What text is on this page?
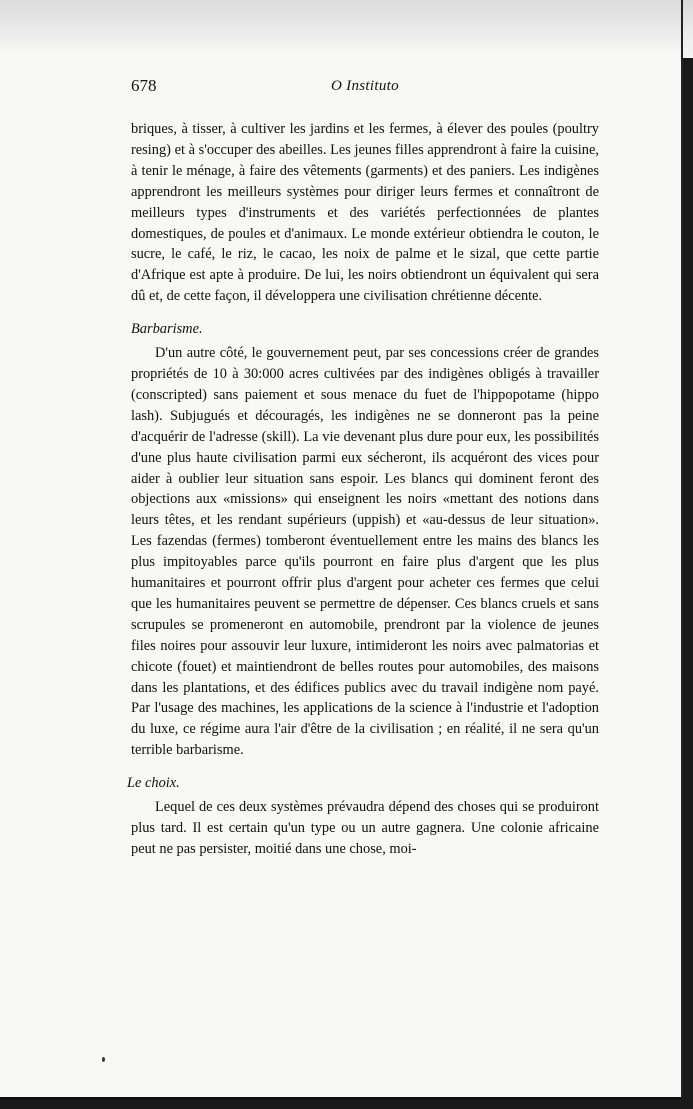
678	O Instituto

briques, à tisser, à cultiver les jardins et les fermes, à élever des poules (poultry resing) et à s'occuper des abeilles. Les jeunes filles apprendront à faire la cuisine, à tenir le ménage, à faire des vêtements (garments) et des paniers. Les indigènes apprendront les meilleurs systèmes pour diriger leurs fermes et connaîtront de meilleurs types d'instruments et des variétés perfectionnées de plantes domestiques, de poules et d'animaux. Le monde extérieur obtiendra le couton, le sucre, le café, le riz, le cacao, les noix de palme et le sizal, que cette partie d'Afrique est apte à produire. De lui, les noirs obtiendront un équivalent qui sera dû et, de cette façon, il développera une civilisation chrétienne décente.

Barbarisme.

D'un autre côté, le gouvernement peut, par ses concessions créer de grandes propriétés de 10 à 30:000 acres cultivées par des indigènes obligés à travailler (conscripted) sans paiement et sous menace du fuet de l'hippopotame (hippo lash). Subjugués et découragés, les indigènes ne se donneront pas la peine d'acquérir de l'adresse (skill). La vie devenant plus dure pour eux, les possibilités d'une plus haute civilisation parmi eux sécheront, ils acquéront des vices pour aider à oublier leur situation sans espoir. Les blancs qui dominent feront des objections aux «missions» qui enseignent les noirs «mettant des notions dans leurs têtes, et les rendant supérieurs (uppish) et «au-dessus de leur situation». Les fazendas (fermes) tomberont éventuellement entre les mains des blancs les plus impitoyables parce qu'ils pourront en faire plus d'argent que les plus humanitaires et pourront offrir plus d'argent pour acheter ces fermes que celui que les humanitaires peuvent se permettre de dépenser. Ces blancs cruels et sans scrupules se promeneront en automobile, prendront par la violence de jeunes files noires pour assouvir leur luxure, intimideront les noirs avec palmatorias et chicote (fouet) et maintiendront de belles routes pour automobiles, des maisons dans les plantations, et des édifices publics avec du travail indigène nom payé. Par l'usage des machines, les applications de la science à l'industrie et l'adoption du luxe, ce régime aura l'air d'être de la civilisation ; en réalité, il ne sera qu'un terrible barbarisme.

Le choix.

Lequel de ces deux systèmes prévaudra dépend des choses qui se produiront plus tard. Il est certain qu'un type ou un autre gagnera. Une colonie africaine peut ne pas persister, moitié dans une chose, moi-
